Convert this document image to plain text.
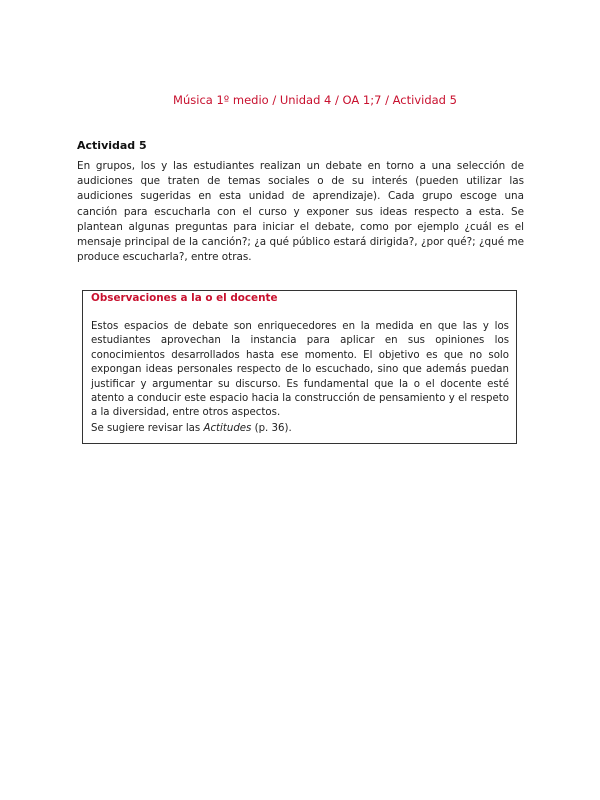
Música 1º medio / Unidad 4 / OA 1;7 / Actividad 5
Actividad 5

En grupos, los y las estudiantes realizan un debate en torno a una selección de audiciones que traten de temas sociales o de su interés (pueden utilizar las audiciones sugeridas en esta unidad de aprendizaje). Cada grupo escoge una canción para escucharla con el curso y exponer sus ideas respecto a esta. Se plantean algunas preguntas para iniciar el debate, como por ejemplo ¿cuál es el mensaje principal de la canción?; ¿a qué público estará dirigida?, ¿por qué?; ¿qué me produce escucharla?, entre otras.

Observaciones a la o el docente

Estos espacios de debate son enriquecedores en la medida en que las y los estudiantes aprovechan la instancia para aplicar en sus opiniones los conocimientos desarrollados hasta ese momento. El objetivo es que no solo expongan ideas personales respecto de lo escuchado, sino que además puedan justificar y argumentar su discurso. Es fundamental que la o el docente esté atento a conducir este espacio hacia la construcción de pensamiento y el respeto a la diversidad, entre otros aspectos.

Se sugiere revisar las Actitudes (p. 36).
